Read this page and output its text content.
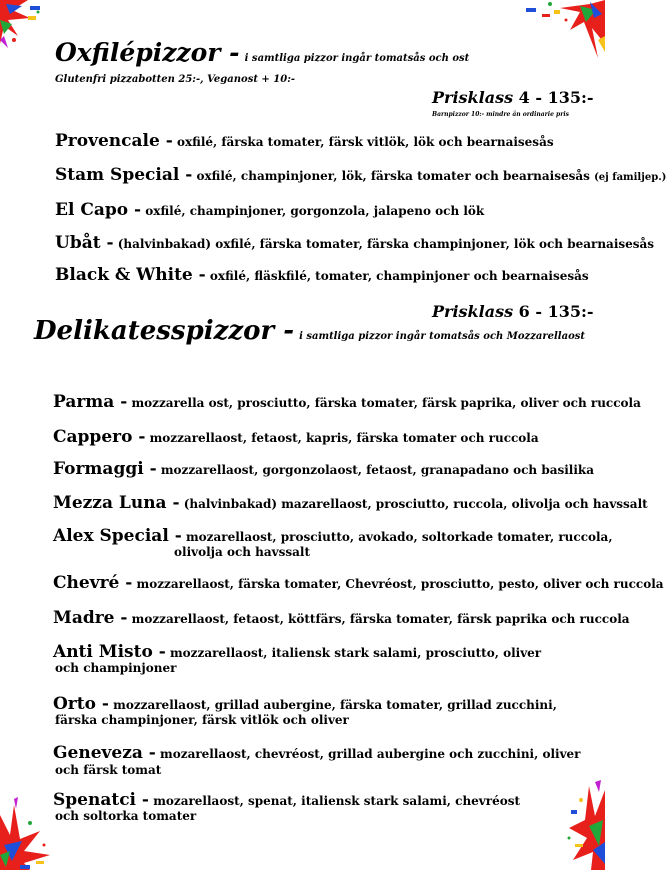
Oxfilépizzor - i samtliga pizzor ingår tomatsås och ost
Glutenfri pizzabotten 25:-, Veganost + 10:-
Prisklass 4 - 135:-
Barnpizzor 10:- mindre än ordinarie pris
Provencale - oxfilé, färska tomater, färsk vitlök, lök och bearnaisesås
Stam Special - oxfilé, champinjoner, lök, färska tomater och bearnaisesås (ej familjep.)
El Capo - oxfilé, champinjoner, gorgonzola, jalapeno och lök
Ubåt - (halvinbakad) oxfilé, färska tomater, färska champinjoner, lök och bearnaisesås
Black & White - oxfilé, fläskfilé, tomater, champinjoner och bearnaisesås
Prisklass 6 - 135:-
Delikatesspizzor - i samtliga pizzor ingår tomatsås och Mozzarellaost
Parma - mozzarella ost, prosciutto, färska tomater, färsk paprika, oliver och ruccola
Cappero - mozzarellaost, fetaost, kapris, färska tomater och ruccola
Formaggi - mozzarellaost, gorgonzolaost, fetaost, granapadano och basilika
Mezza Luna - (halvinbakad) mazarellaost, prosciutto, ruccola, olivolja och havssalt
Alex Special - mozarellaost, prosciutto, avokado, soltorkade tomater, ruccola,
olivolja och havssalt
Chevré - mozzarellaost, färska tomater, Chevréost, prosciutto, pesto, oliver och ruccola
Madre - mozzarellaost, fetaost, köttfärs, färska tomater, färsk paprika och ruccola
Anti Misto - mozzarellaost, italiensk stark salami, prosciutto, oliver
och champinjoner
Orto - mozzarellaost, grillad aubergine, färska tomater, grillad zucchini,
färska champinjoner, färsk vitlök och oliver
Geneveza - mozarellaost, chevréost, grillad aubergine och zucchini, oliver
och färsk tomat
Spenatci - mozarellaost, spenat, italiensk stark salami, chevréost
och soltorka tomater
